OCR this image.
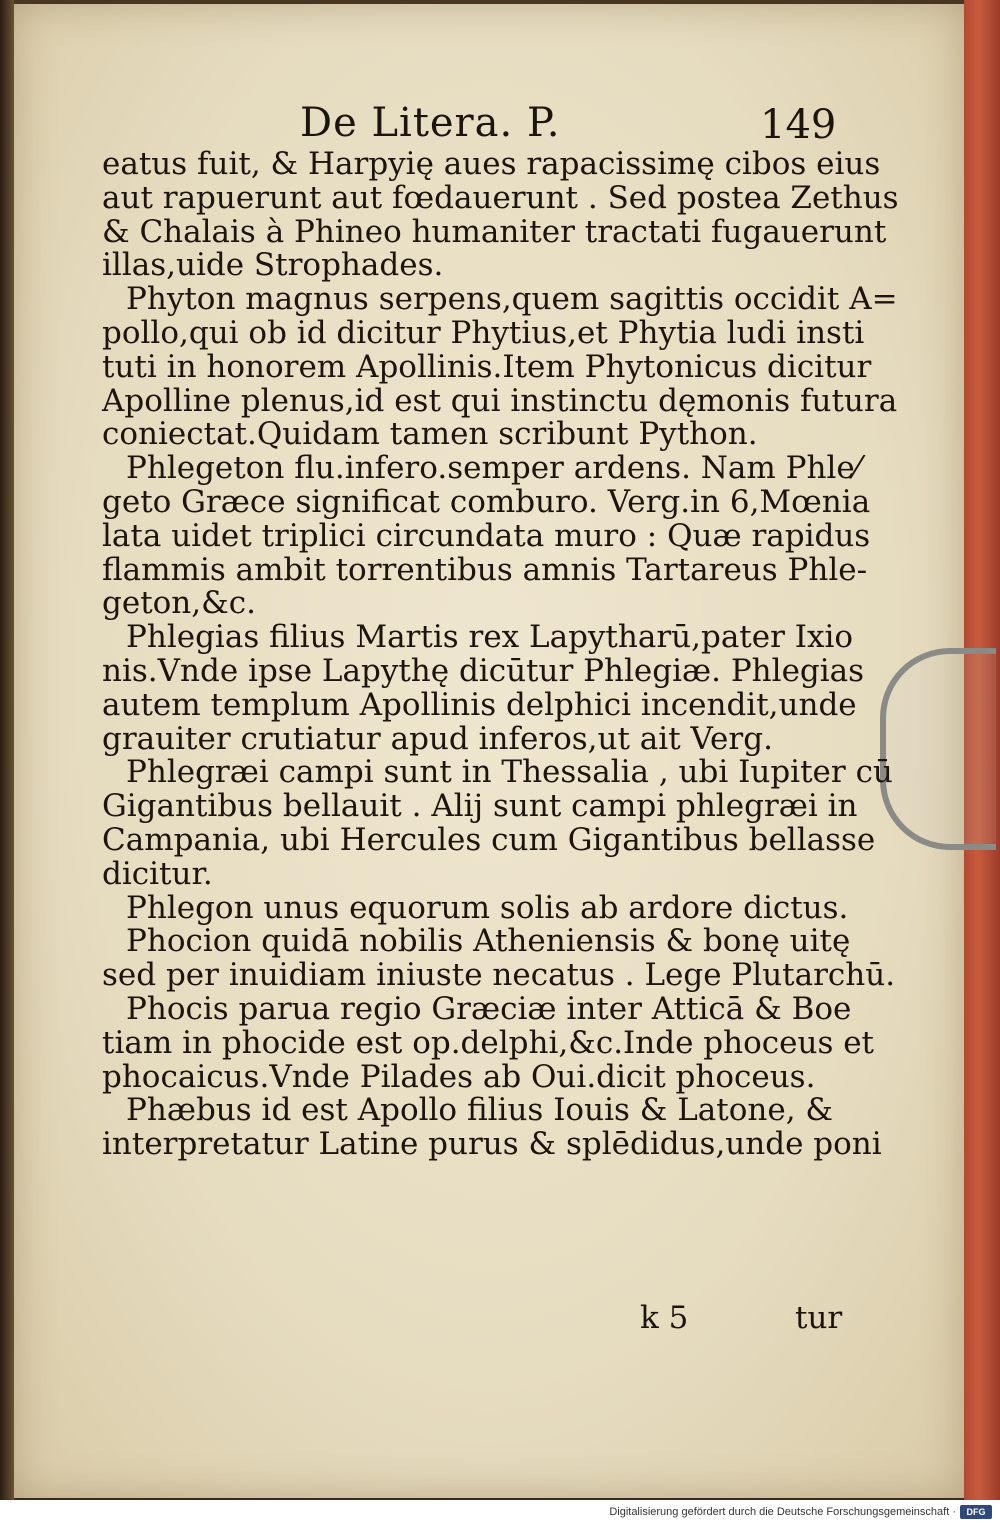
De Litera. P.	149
eatus fuit, & Harpyię aues rapacissimę cibos eius
aut rapuerunt aut fœdauerunt . Sed postea Zethus
& Chalais à Phineo humaniter tractati fugauerunt
illas,uide Strophades.
Phyton magnus serpens,quem sagittis occidit A=
pollo,qui ob id dicitur Phytius,et Phytia ludi insti
tuti in honorem Apollinis.Item Phytonicus dicitur
Apolline plenus,id est qui instinctu dęmonis futura
coniectat.Quidam tamen scribunt Python.
Phlegeton flu.infero.semper ardens. Nam Phle⁄
geto Græce significat comburo. Verg.in 6,Mœnia
lata uidet triplici circundata muro : Quæ rapidus
flammis ambit torrentibus amnis Tartareus Phle-
geton,&c.
Phlegias filius Martis rex Lapytharū,pater Ixio
nis.Vnde ipse Lapythę dicūtur Phlegiæ. Phlegias
autem templum Apollinis delphici incendit,unde
grauiter crutiatur apud inferos,ut ait Verg.
Phlegræi campi sunt in Thessalia , ubi Iupiter cū
Gigantibus bellauit . Alij sunt campi phlegræi in
Campania, ubi Hercules cum Gigantibus bellasse
dicitur.
Phlegon unus equorum solis ab ardore dictus.
Phocion quidā nobilis Atheniensis & bonę uitę
sed per inuidiam iniuste necatus . Lege Plutarchū.
Phocis parua regio Græciæ inter Atticā & Boe
tiam in phocide est op.delphi,&c.Inde phoceus et
phocaicus.Vnde Pilades ab Oui.dicit phoceus.
Phæbus id est Apollo filius Iouis & Latone, &
interpretatur Latine purus & splēdidus,unde poni
k 5	tur
Digitalisierung gefördert durch die Deutsche Forschungsgemeinschaft ·	DFG
